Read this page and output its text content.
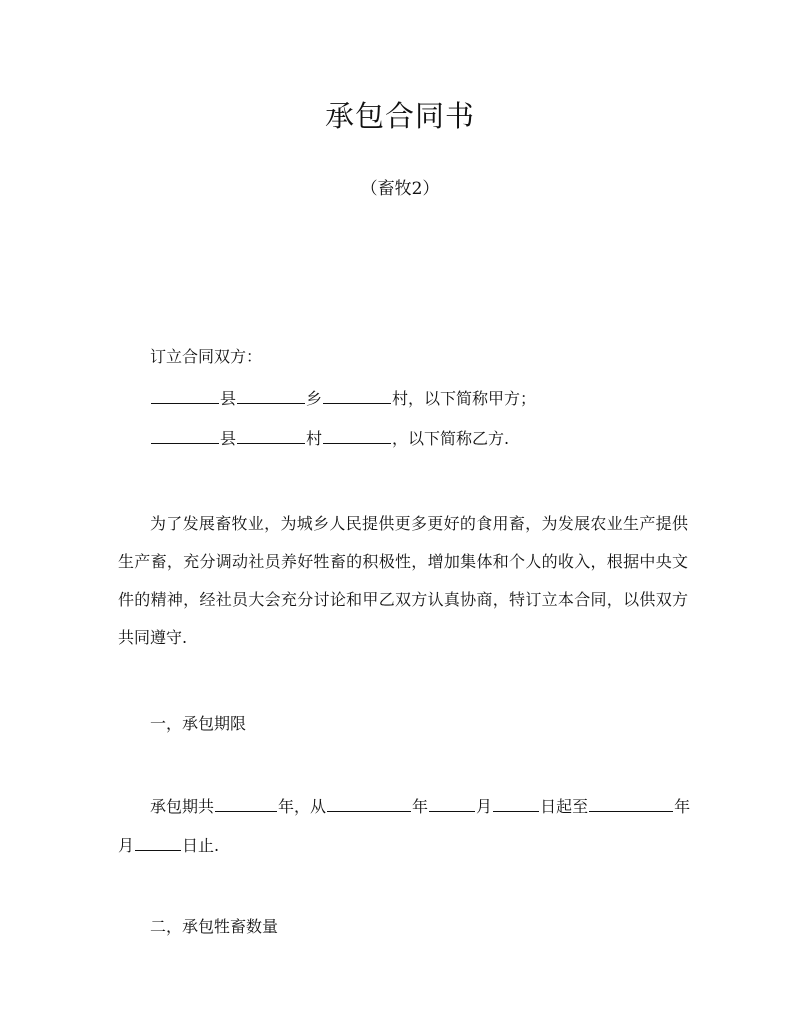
承包合同书
（畜牧2）
订立合同双方：
县	乡	村，以下简称甲方；
县	村	，以下简称乙方.
为了发展畜牧业，为城乡人民提供更多更好的食用畜，为发展农业生产提供生产畜，充分调动社员养好牲畜的积极性，增加集体和个人的收入，根据中央文件的精神，经社员大会充分讨论和甲乙双方认真协商，特订立本合同，以供双方共同遵守.
一，承包期限
承包期共	年，从	年	月	日起至	年
月	日止.
二，承包牲畜数量
